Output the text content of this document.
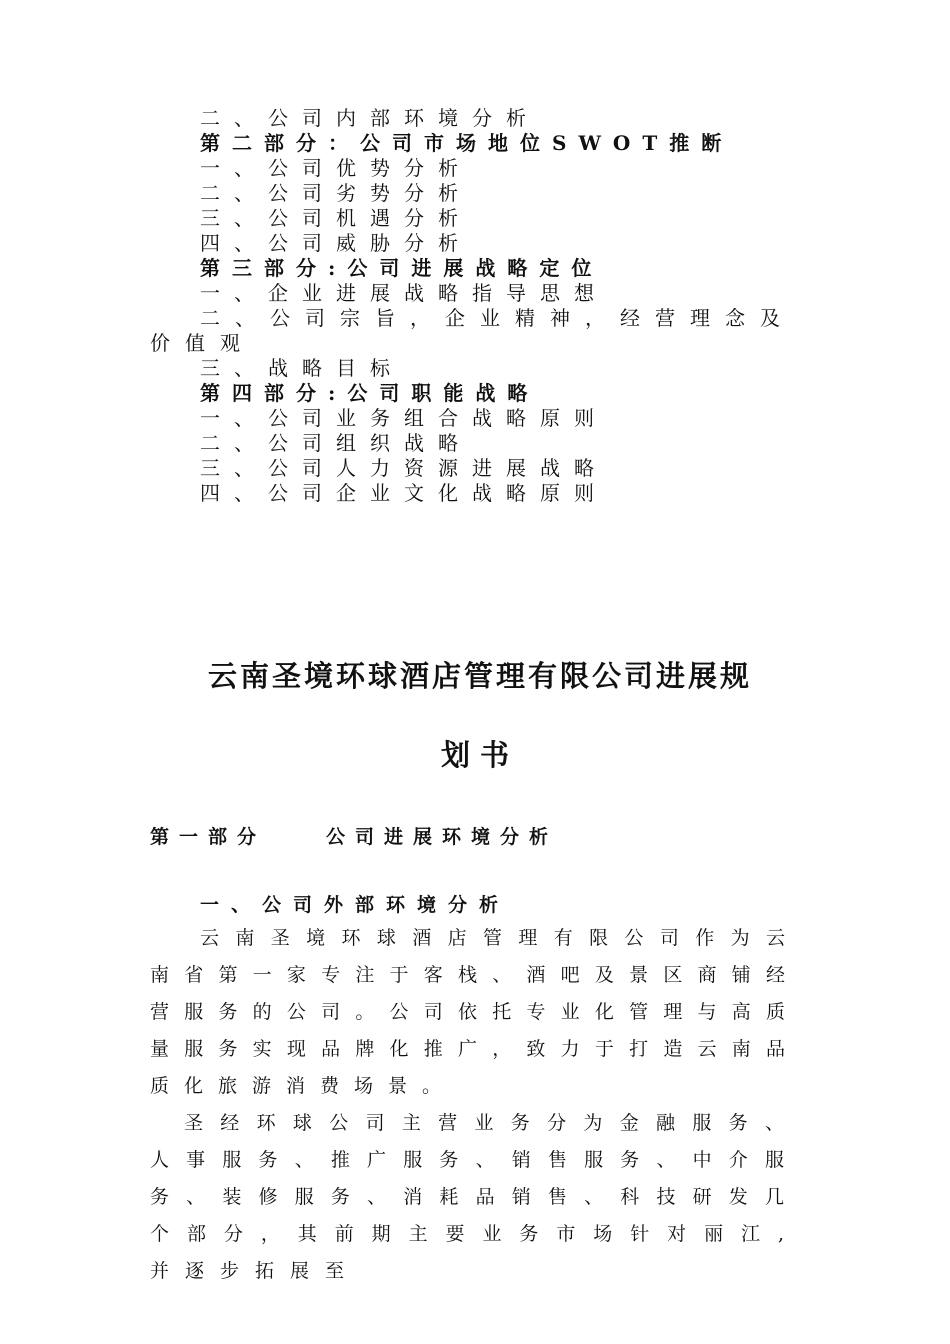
二、公司内部环境分析
第二部分：公司市场地位SWOT推断
一、公司优势分析
二、公司劣势分析
三、公司机遇分析
四、公司威胁分析
第三部分:公司进展战略定位
一、企业进展战略指导思想
二、公司宗旨，企业精神，经营理念及价值观
三、战略目标
第四部分:公司职能战略
一、公司业务组合战略原则
二、公司组织战略
三、公司人力资源进展战略
四、公司企业文化战略原则
云南圣境环球酒店管理有限公司进展规
划书
第一部分	公司进展环境分析
一、公司外部环境分析
云南圣境环球酒店管理有限公司作为云南省第一家专注于客栈、酒吧及景区商铺经营服务的公司。公司依托专业化管理与高质量服务实现品牌化推广，致力于打造云南品质化旅游消费场景。
圣经环球公司主营业务分为金融服务、人事服务、推广服务、销售服务、中介服务、装修服务、消耗品销售、科技研发几个部分，其前期主要业务市场针对丽江,并逐步拓展至
